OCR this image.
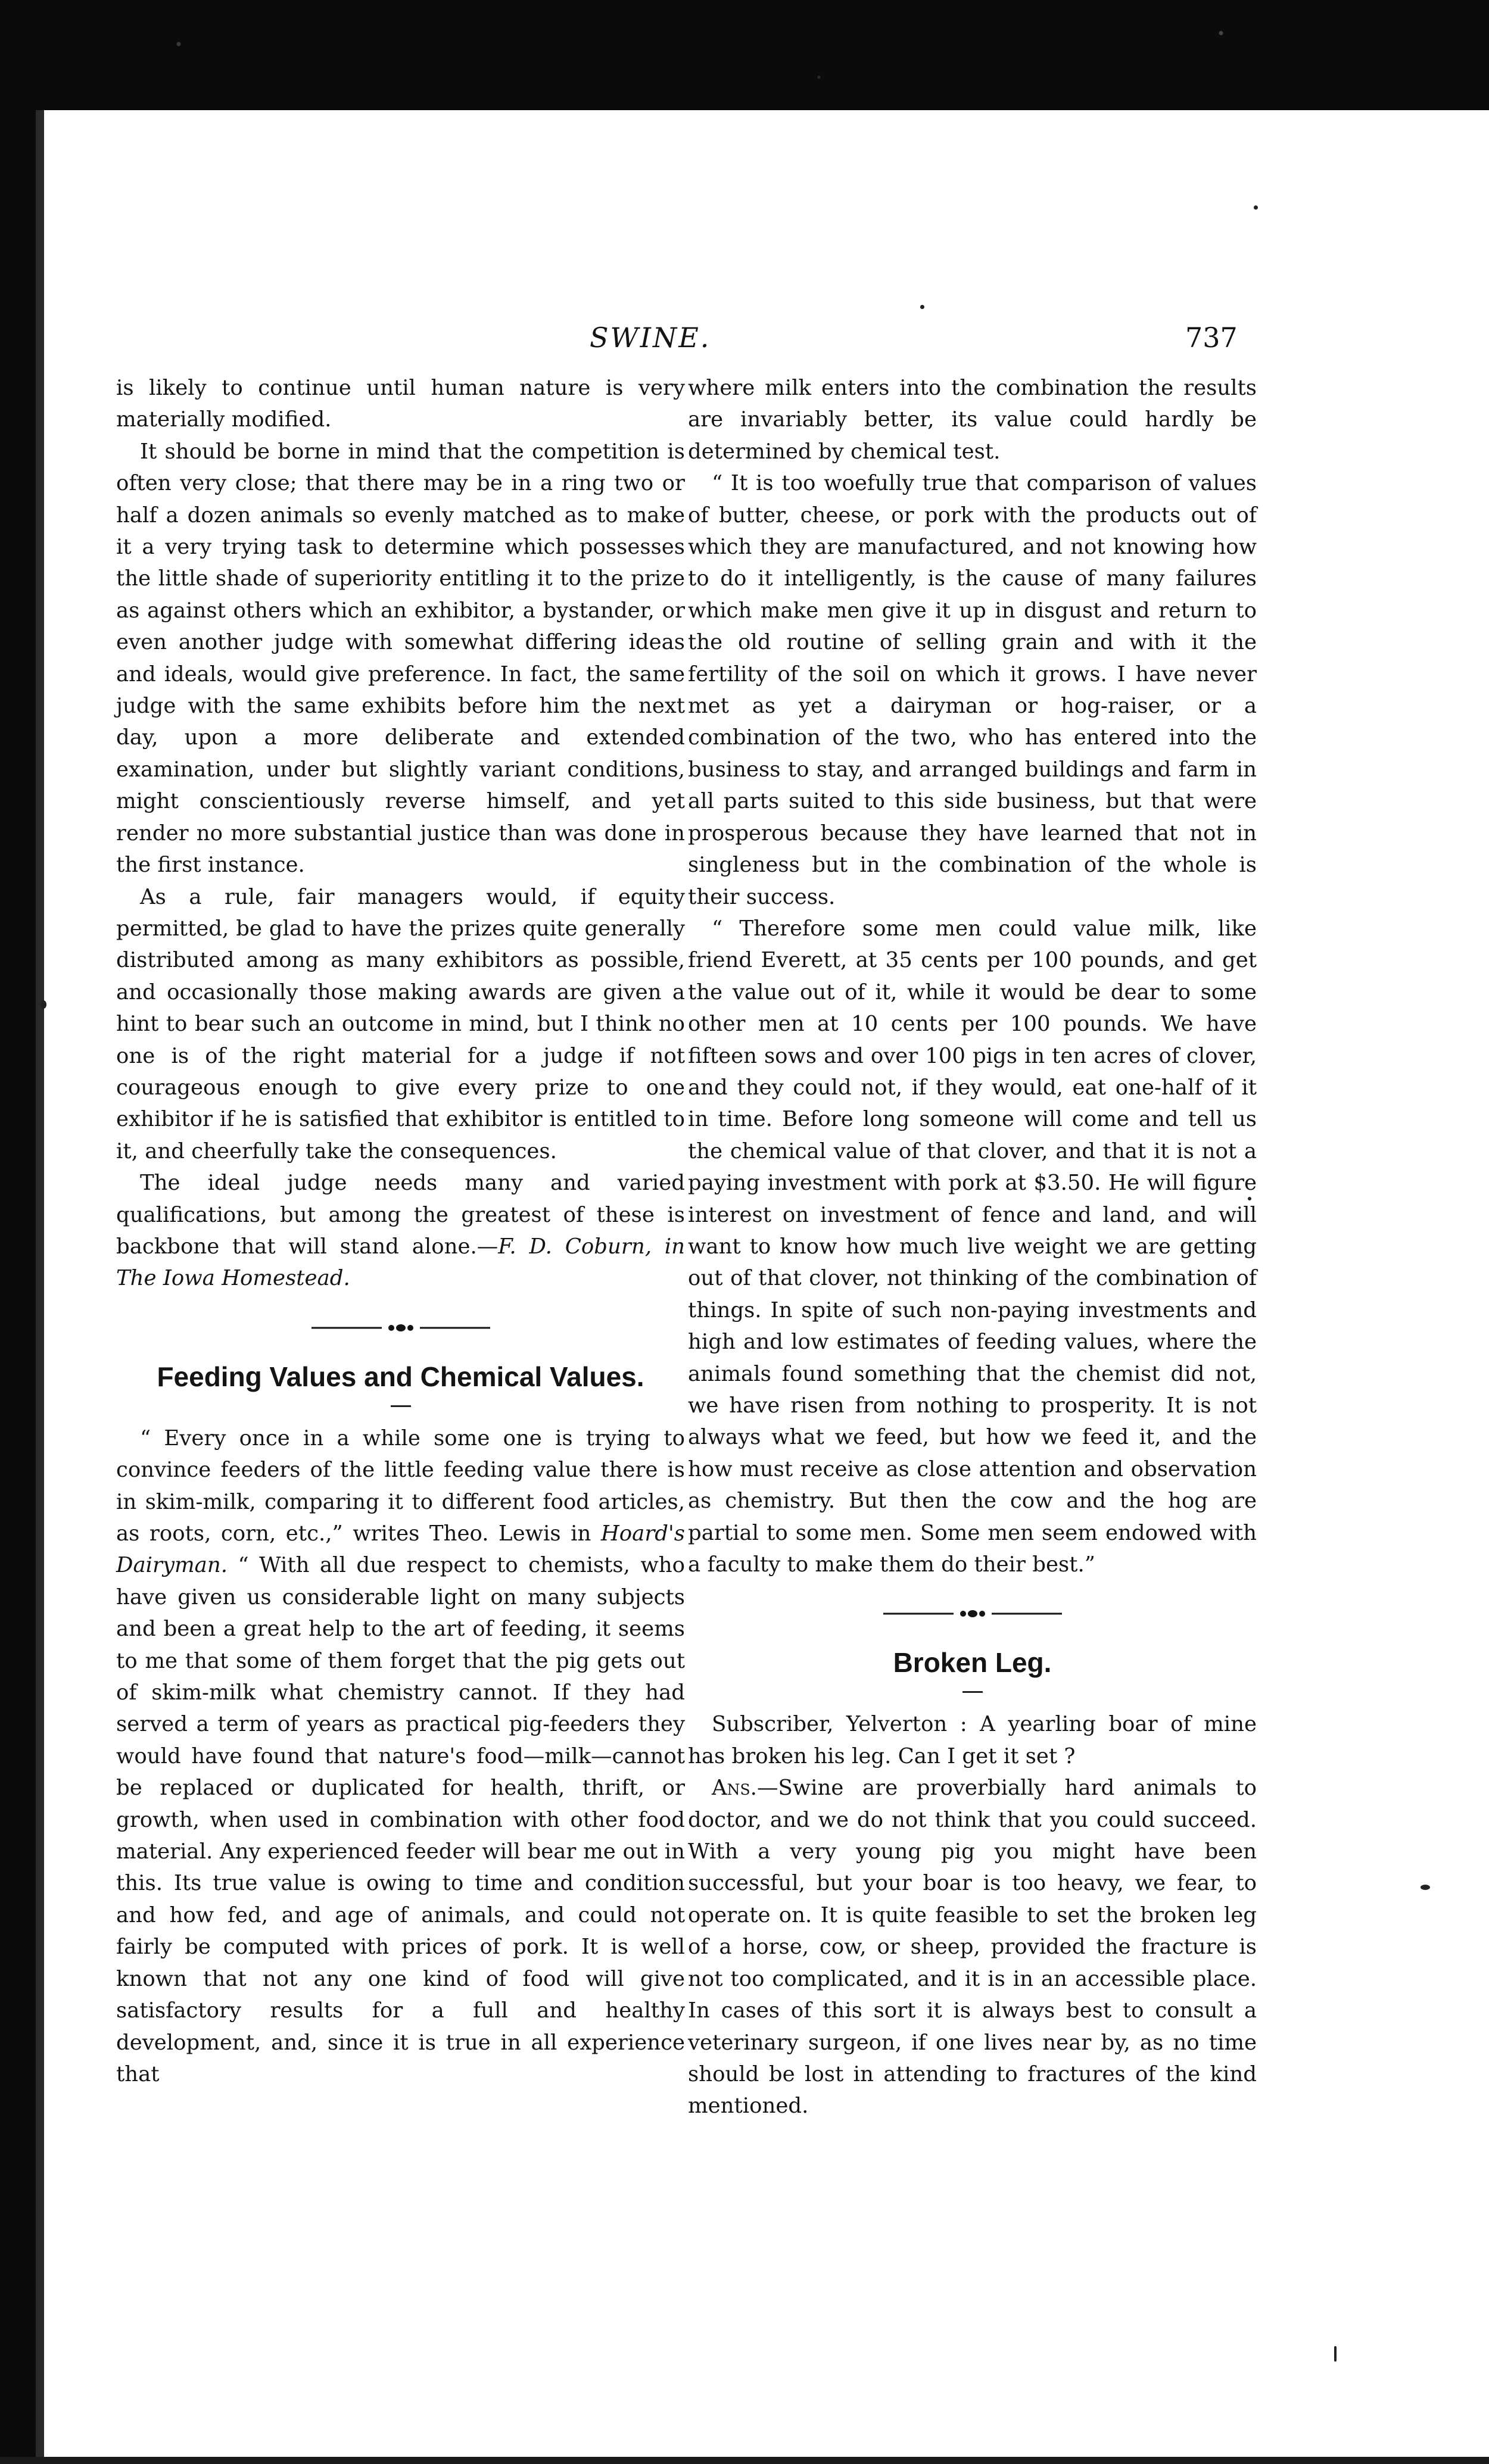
SWINE.	737

is likely to continue until human nature is very materially modified.

It should be borne in mind that the competition is often very close; that there may be in a ring two or half a dozen animals so evenly matched as to make it a very trying task to determine which possesses the little shade of superiority entitling it to the prize as against others which an exhibitor, a bystander, or even another judge with somewhat differing ideas and ideals, would give preference. In fact, the same judge with the same exhibits before him the next day, upon a more deliberate and extended examination, under but slightly variant conditions, might conscientiously reverse himself, and yet render no more substantial justice than was done in the first instance.

As a rule, fair managers would, if equity permitted, be glad to have the prizes quite generally distributed among as many exhibitors as possible, and occasionally those making awards are given a hint to bear such an outcome in mind, but I think no one is of the right material for a judge if not courageous enough to give every prize to one exhibitor if he is satisfied that exhibitor is entitled to it, and cheerfully take the consequences.

The ideal judge needs many and varied qualifications, but among the greatest of these is backbone that will stand alone.—F. D. Coburn, in The Iowa Homestead.

Feeding Values and Chemical Values.

“ Every once in a while some one is trying to convince feeders of the little feeding value there is in skim-milk, comparing it to different food articles, as roots, corn, etc.,” writes Theo. Lewis in Hoard's Dairyman. “ With all due respect to chemists, who have given us considerable light on many subjects and been a great help to the art of feeding, it seems to me that some of them forget that the pig gets out of skim-milk what chemistry cannot. If they had served a term of years as practical pig-feeders they would have found that nature's food—milk—cannot be replaced or duplicated for health, thrift, or growth, when used in combination with other food material. Any experienced feeder will bear me out in this. Its true value is owing to time and condition and how fed, and age of animals, and could not fairly be computed with prices of pork. It is well known that not any one kind of food will give satisfactory results for a full and healthy development, and, since it is true in all experience that

where milk enters into the combination the results are invariably better, its value could hardly be determined by chemical test.

“ It is too woefully true that comparison of values of butter, cheese, or pork with the products out of which they are manufactured, and not knowing how to do it intelligently, is the cause of many failures which make men give it up in disgust and return to the old routine of selling grain and with it the fertility of the soil on which it grows. I have never met as yet a dairyman or hog-raiser, or a combination of the two, who has entered into the business to stay, and arranged buildings and farm in all parts suited to this side business, but that were prosperous because they have learned that not in singleness but in the combination of the whole is their success.

“ Therefore some men could value milk, like friend Everett, at 35 cents per 100 pounds, and get the value out of it, while it would be dear to some other men at 10 cents per 100 pounds. We have fifteen sows and over 100 pigs in ten acres of clover, and they could not, if they would, eat one-half of it in time. Before long someone will come and tell us the chemical value of that clover, and that it is not a paying investment with pork at $3.50. He will figure interest on investment of fence and land, and will want to know how much live weight we are getting out of that clover, not thinking of the combination of things. In spite of such non-paying investments and high and low estimates of feeding values, where the animals found something that the chemist did not, we have risen from nothing to prosperity. It is not always what we feed, but how we feed it, and the how must receive as close attention and observation as chemistry. But then the cow and the hog are partial to some men. Some men seem endowed with a faculty to make them do their best.”

Broken Leg.

Subscriber, Yelverton : A yearling boar of mine has broken his leg. Can I get it set ?

Ans.—Swine are proverbially hard animals to doctor, and we do not think that you could succeed. With a very young pig you might have been successful, but your boar is too heavy, we fear, to operate on. It is quite feasible to set the broken leg of a horse, cow, or sheep, provided the fracture is not too complicated, and it is in an accessible place. In cases of this sort it is always best to consult a veterinary surgeon, if one lives near by, as no time should be lost in attending to fractures of the kind mentioned.
